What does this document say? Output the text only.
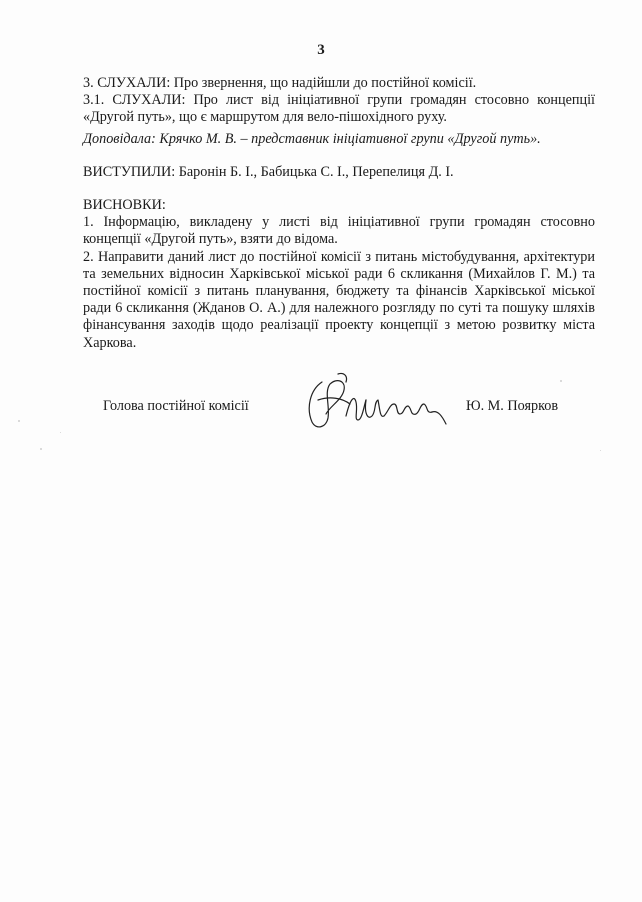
3

3. СЛУХАЛИ: Про звернення, що надійшли до постійної комісії.

3.1. СЛУХАЛИ: Про лист від ініціативної групи громадян стосовно концепції

«Другой путь», що є маршрутом для вело-пішохідного руху.

Доповідала: Крячко М. В. – представник ініціативної групи «Другой путь».

ВИСТУПИЛИ: Баронін Б. І., Бабицька С. І., Перепелиця Д. І.

ВИСНОВКИ:

1. Інформацію, викладену у листі від ініціативної групи громадян стосовно концепції «Другой путь», взяти до відома.

2. Направити даний лист до постійної комісії з питань містобудування, архітектури та земельних відносин Харківської міської ради 6 скликання (Михайлов Г. М.) та постійної комісії з питань планування, бюджету та фінансів Харківської міської ради 6 скликання (Жданов О. А.) для належного розгляду по суті та пошуку шляхів фінансування заходів щодо реалізації проекту концепції з метою розвитку міста Харкова.

Голова постійної комісії	Ю. М. Поярков
